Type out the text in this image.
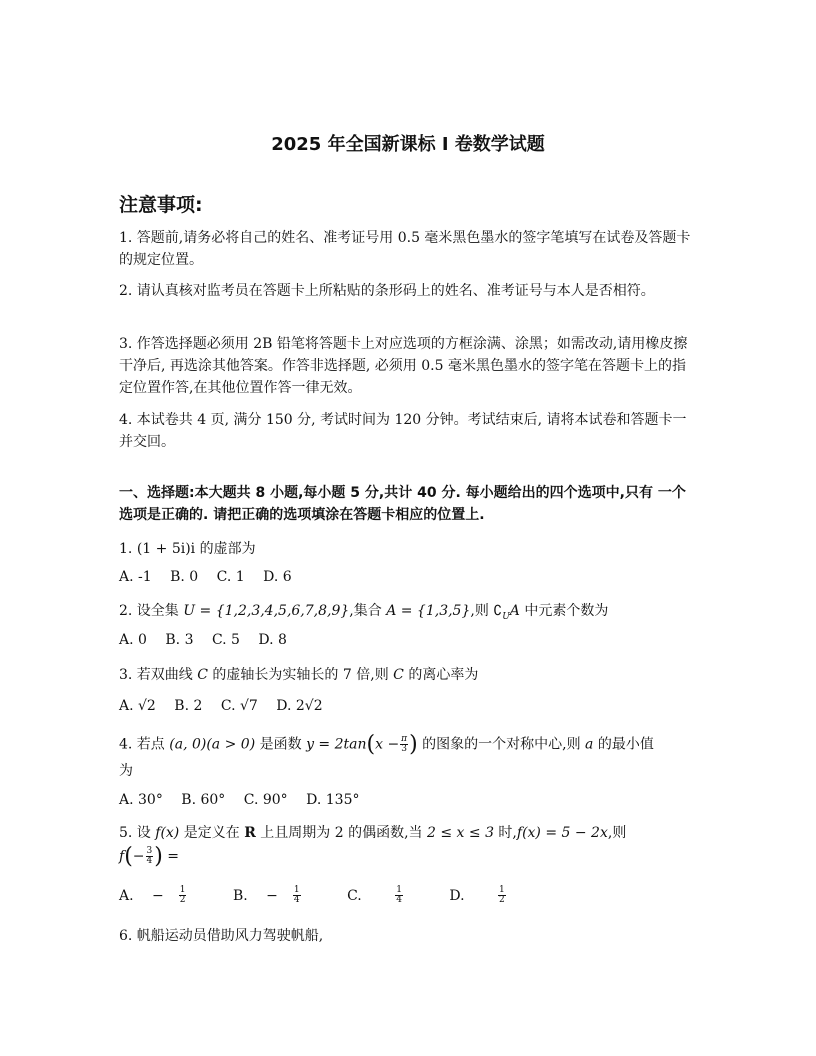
2025 年全国新课标 I 卷数学试题
注意事项:
1. 答题前,请务必将自己的姓名、准考证号用 0.5 毫米黑色墨水的签字笔填写在试卷及答题卡的规定位置。
2. 请认真核对监考员在答题卡上所粘贴的条形码上的姓名、准考证号与本人是否相符。
3. 作答选择题必须用 2B 铅笔将答题卡上对应选项的方框涂满、涂黑；如需改动,请用橡皮擦干净后, 再选涂其他答案。作答非选择题, 必须用 0.5 毫米黑色墨水的签字笔在答题卡上的指定位置作答,在其他位置作答一律无效。
4. 本试卷共 4 页, 满分 150 分, 考试时间为 120 分钟。考试结束后, 请将本试卷和答题卡一并交回。
一、选择题:本大题共 8 小题,每小题 5 分,共计 40 分. 每小题给出的四个选项中,只有 一个选项是正确的. 请把正确的选项填涂在答题卡相应的位置上.
1. (1 + 5i)i 的虚部为
A. -1 B. 0 C. 1 D. 6
2. 设全集 U = {1,2,3,4,5,6,7,8,9},集合 A = {1,3,5},则 $∁_UA$ 中元素个数为
A. 0 B. 3 C. 5 D. 8
3. 若双曲线 C 的虚轴长为实轴长的 7 倍,则 C 的离心率为
A. √2 B. 2 C. √7 D. 2√2
4. 若点 (a, 0)(a > 0) 是函数 $y = 2\tan(x - \frac{\pi}{3}$ ) 的图象的一个对称中心,则 a 的最小值
为
A. 30° B. 60° C. 90° D. 135°
5. 设 f(x) 是定义在 R 上且周期为 2 的偶函数,当 2 ≤ x ≤ 3 时,f(x) = 5 − 2x,则
$f(- \frac{3}{4}$ ) =
A. − $\frac{1}{2} B$. − $\frac{1}{4} C$.	$\frac{1}{4} D$.	$\frac{1}{2}$
6. 帆船运动员借助风力驾驶帆船,
